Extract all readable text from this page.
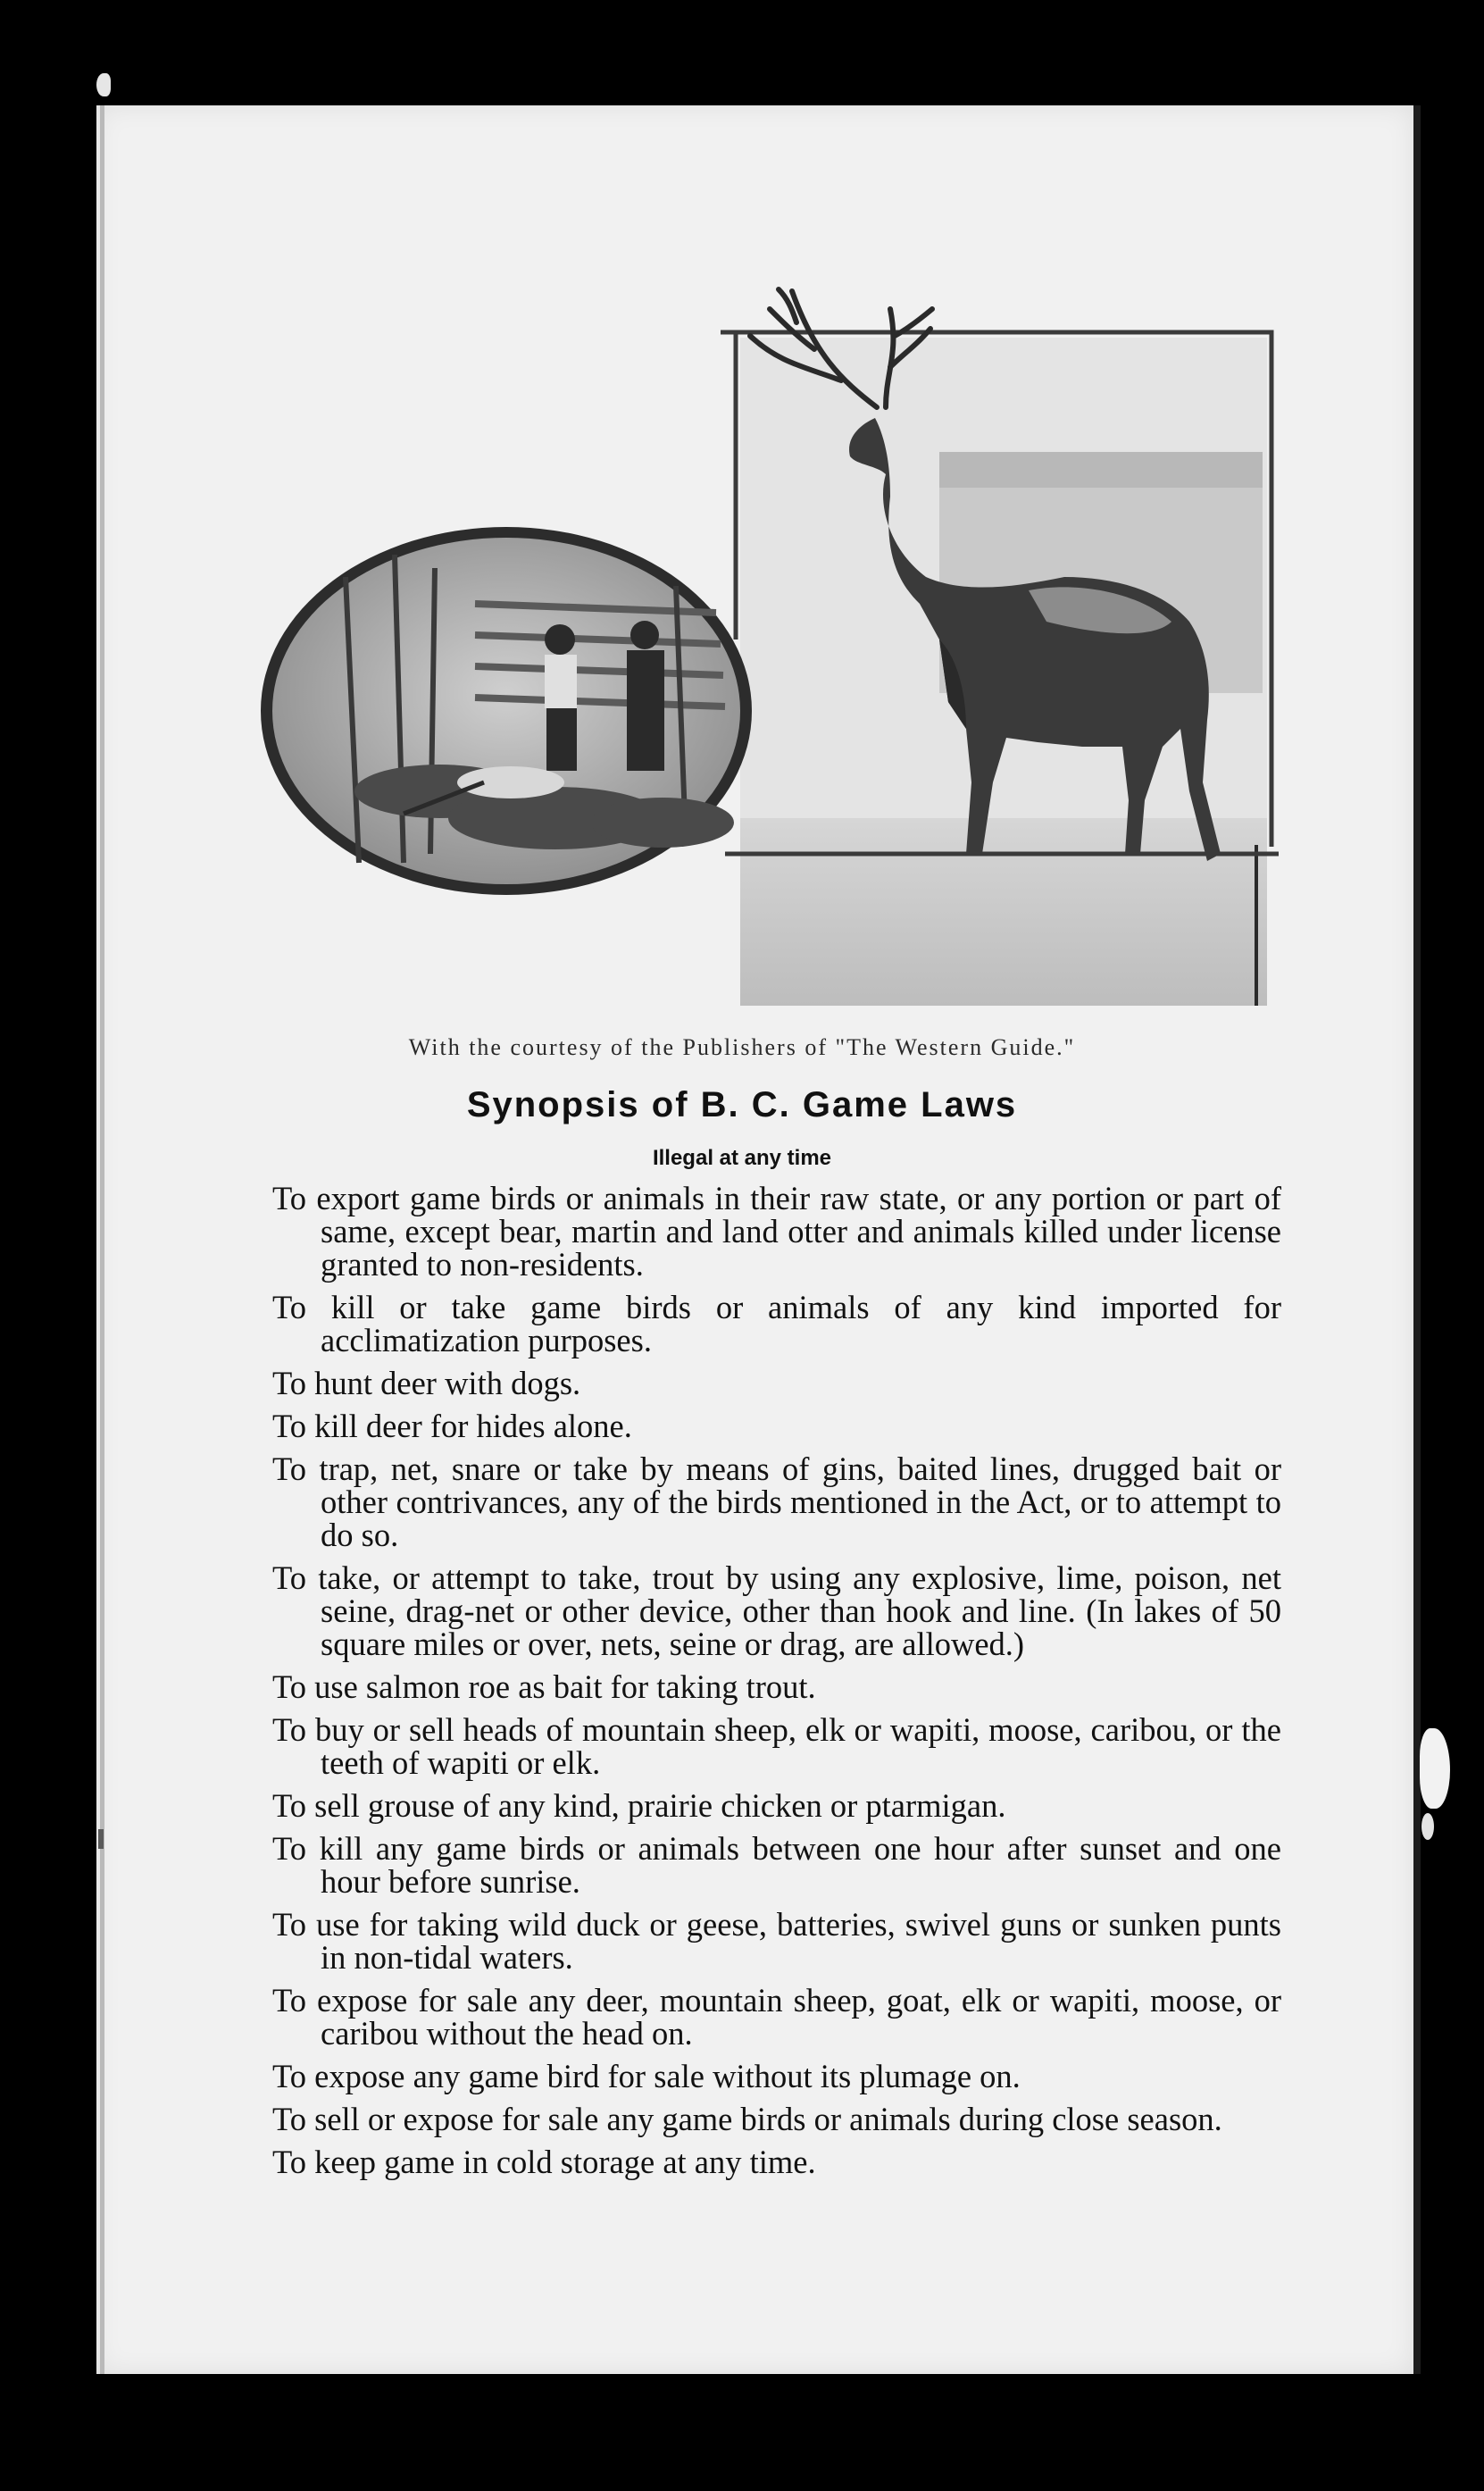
With the courtesy of the Publishers of "The Western Guide."
Synopsis of B. C. Game Laws
Illegal at any time
To export game birds or animals in their raw state, or any portion or part of same, except bear, martin and land otter and animals killed under license granted to non-residents.
To kill or take game birds or animals of any kind imported for acclimatization purposes.
To hunt deer with dogs.
To kill deer for hides alone.
To trap, net, snare or take by means of gins, baited lines, drugged bait or other contrivances, any of the birds mentioned in the Act, or to attempt to do so.
To take, or attempt to take, trout by using any explosive, lime, poison, net seine, drag-net or other device, other than hook and line. (In lakes of 50 square miles or over, nets, seine or drag, are allowed.)
To use salmon roe as bait for taking trout.
To buy or sell heads of mountain sheep, elk or wapiti, moose, caribou, or the teeth of wapiti or elk.
To sell grouse of any kind, prairie chicken or ptarmigan.
To kill any game birds or animals between one hour after sunset and one hour before sunrise.
To use for taking wild duck or geese, batteries, swivel guns or sunken punts in non-tidal waters.
To expose for sale any deer, mountain sheep, goat, elk or wapiti, moose, or caribou without the head on.
To expose any game bird for sale without its plumage on.
To sell or expose for sale any game birds or animals during close season.
To keep game in cold storage at any time.
